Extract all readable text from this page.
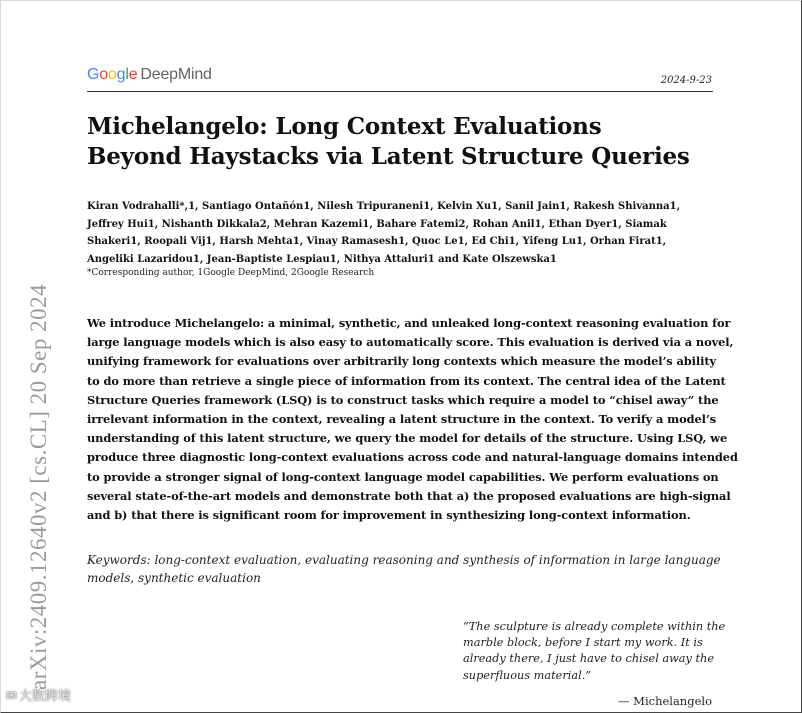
Google DeepMind	2024-9-23
Michelangelo: Long Context Evaluations
Beyond Haystacks via Latent Structure Queries
Kiran Vodrahalli*,1, Santiago Ontañón1, Nilesh Tripuraneni1, Kelvin Xu1, Sanil Jain1, Rakesh Shivanna1,
Jeffrey Hui1, Nishanth Dikkala2, Mehran Kazemi1, Bahare Fatemi2, Rohan Anil1, Ethan Dyer1, Siamak
Shakeri1, Roopali Vij1, Harsh Mehta1, Vinay Ramasesh1, Quoc Le1, Ed Chi1, Yifeng Lu1, Orhan Firat1,
Angeliki Lazaridou1, Jean-Baptiste Lespiau1, Nithya Attaluri1 and Kate Olszewska1
*Corresponding author, 1Google DeepMind, 2Google Research
We introduce Michelangelo: a minimal, synthetic, and unleaked long-context reasoning evaluation for
large language models which is also easy to automatically score. This evaluation is derived via a novel,
unifying framework for evaluations over arbitrarily long contexts which measure the model’s ability
to do more than retrieve a single piece of information from its context. The central idea of the Latent
Structure Queries framework (LSQ) is to construct tasks which require a model to “chisel away” the
irrelevant information in the context, revealing a latent structure in the context. To verify a model’s
understanding of this latent structure, we query the model for details of the structure. Using LSQ, we
produce three diagnostic long-context evaluations across code and natural-language domains intended
to provide a stronger signal of long-context language model capabilities. We perform evaluations on
several state-of-the-art models and demonstrate both that a) the proposed evaluations are high-signal
and b) that there is significant room for improvement in synthesizing long-context information.
Keywords: long-context evaluation, evaluating reasoning and synthesis of information in large language
models, synthetic evaluation
“The sculpture is already complete within the
marble block, before I start my work. It is
already there, I just have to chisel away the
superfluous material.”
— Michelangelo
arXiv:2409.12640v2 [cs.CL] 20 Sep 2024
✉ 大数跨境
